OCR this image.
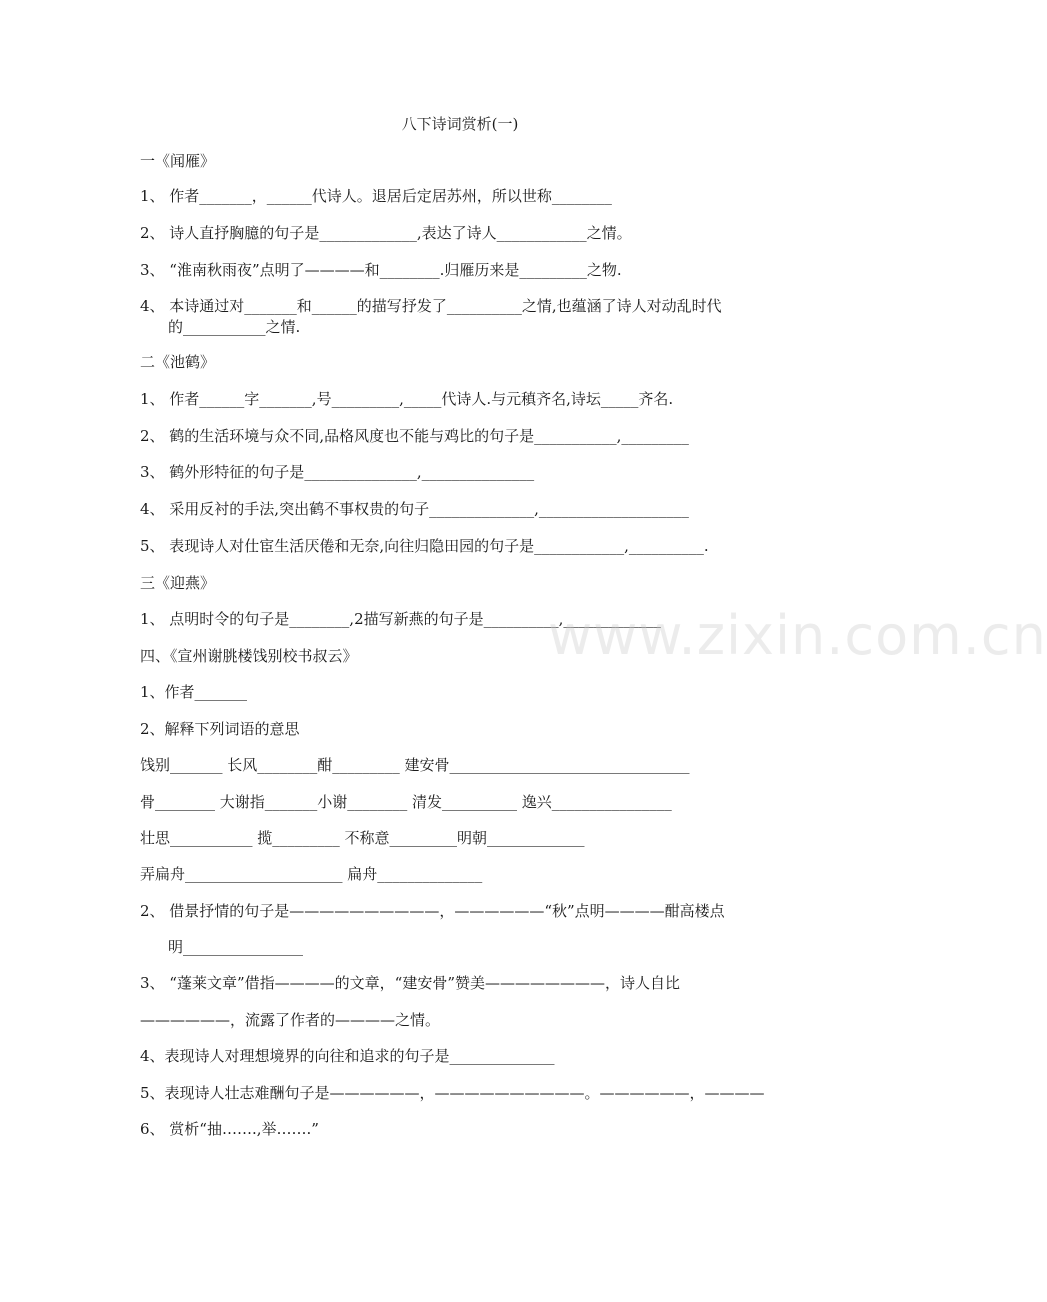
八下诗词赏析(一)
一《闻雁》
1、 作者_______，______代诗人。退居后定居苏州，所以世称________
2、 诗人直抒胸臆的句子是_____________,表达了诗人____________之情。
3、 “淮南秋雨夜”点明了————和________.归雁历来是_________之物.
4、 本诗通过对_______和______的描写抒发了__________之情,也蕴涵了诗人对动乱时代
的___________之情.
二《池鹤》
1、 作者______字_______,号_________,_____代诗人.与元稹齐名,诗坛_____齐名.
2、 鹤的生活环境与众不同,品格风度也不能与鸡比的句子是___________,_________
3、 鹤外形特征的句子是_______________,_______________
4、 采用反衬的手法,突出鹤不事权贵的句子______________,____________________
5、 表现诗人对仕宦生活厌倦和无奈,向往归隐田园的句子是____________,__________.
三《迎燕》
1、 点明时令的句子是________,2描写新燕的句子是__________,_____________
四、《宣州谢朓楼饯别校书叔云》
1、作者_______
2、解释下列词语的意思
饯别_______ 长风________酣_________ 建安骨________________________________
骨________ 大谢指_______小谢________ 清发__________ 逸兴________________
壮思___________ 揽_________ 不称意_________明朝_____________
弄扁舟_____________________ 扁舟______________
2、 借景抒情的句子是——————————，——————“秋”点明————酣高楼点
明________________
3、 “蓬莱文章”借指————的文章，“建安骨”赞美————————，诗人自比
——————，流露了作者的————之情。
4、表现诗人对理想境界的向往和追求的句子是______________
5、表现诗人壮志难酬句子是——————，——————————。——————，————
6、 赏析“抽…….,举…….”
www.zixin.com.cn
